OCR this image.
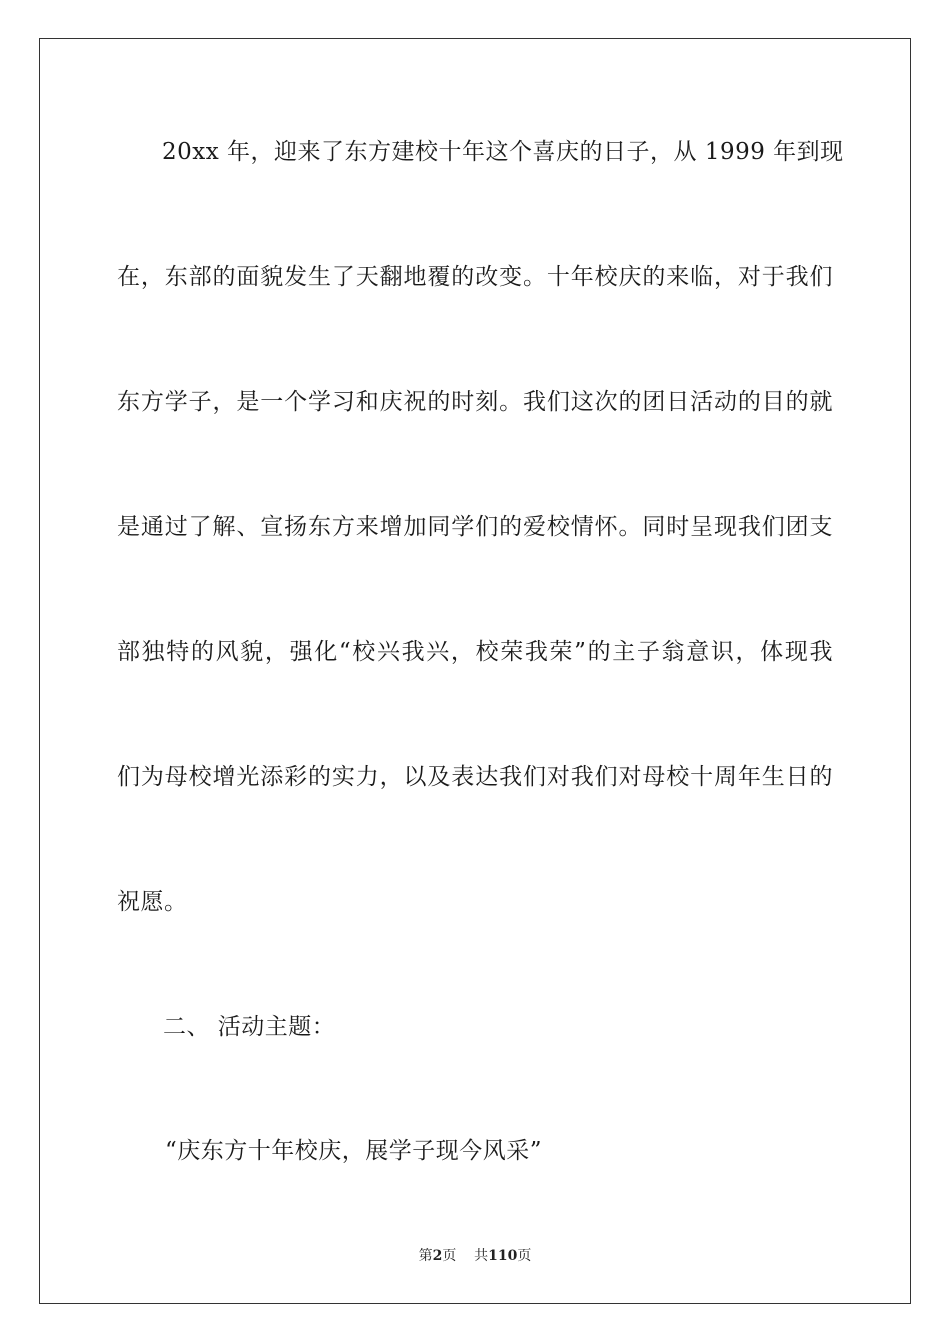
20xx 年，迎来了东方建校十年这个喜庆的日子，从 1999 年到现

在，东部的面貌发生了天翻地覆的改变。十年校庆的来临，对于我们

东方学子，是一个学习和庆祝的时刻。我们这次的团日活动的目的就

是通过了解、宣扬东方来增加同学们的爱校情怀。同时呈现我们团支

部独特的风貌，强化“校兴我兴，校荣我荣”的主子翁意识，体现我

们为母校增光添彩的实力，以及表达我们对我们对母校十周年生日的

祝愿。

二、 活动主题：

“庆东方十年校庆，展学子现今风采”

第2页 共110页
